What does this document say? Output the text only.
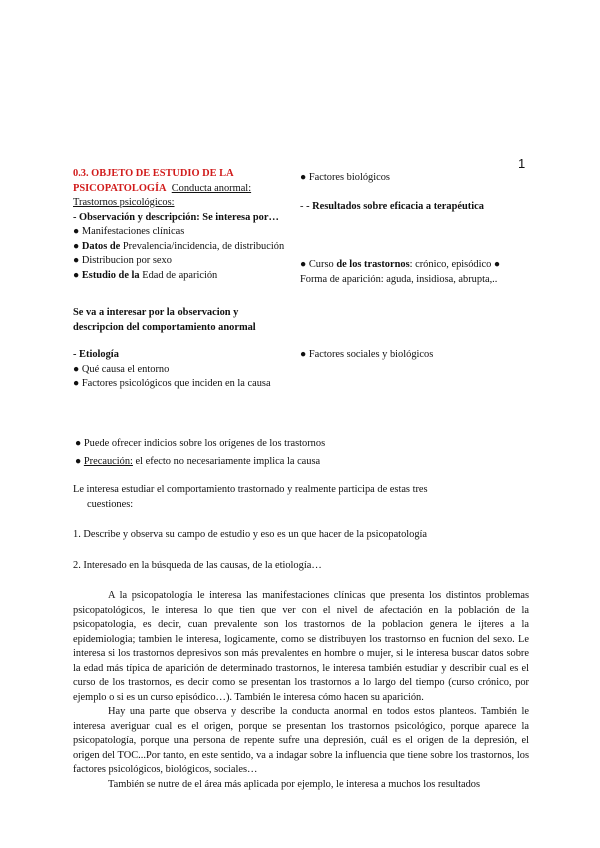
1
0.3. OBJETO DE ESTUDIO DE LA
PSICOPATOLOGÍA Conducta anormal:
Trastornos psicológicos:
- Observación y descripción: Se interesa por…
● Manifestaciones clínicas
● Datos de Prevalencia/incidencia, de distribución
● Distribucion por sexo
● Estudio de la Edad de aparición
Se va a interesar por la observacion y
descripcion del comportamiento anormal
- Etiología
● Qué causa el entorno
● Factores psicológicos que inciden en la causa
● Factores biológicos
- - Resultados sobre eficacia a terapéutica
● Curso de los trastornos: crónico, episódico ●
Forma de aparición: aguda, insidiosa, abrupta,..
● Factores sociales y biológicos
● Puede ofrecer indicios sobre los orígenes de los trastornos
● Precaución: el efecto no necesariamente implica la causa
Le interesa estudiar el comportamiento trastornado y realmente participa de estas tres
cuestiones:
1. Describe y observa su campo de estudio y eso es un que hacer de la psicopatología
2. Interesado en la búsqueda de las causas, de la etiología…

A la psicopatología le interesa las manifestaciones clínicas que presenta los distintos problemas psicopatológicos, le interesa lo que tien que ver con el nivel de afectación en la población de la psicopatologia, es decir, cuan prevalente son los trastornos de la poblacion genera le ijteres a la epidemiologia; tambien le interesa, logicamente, como se distribuyen los trastornso en fucnion del sexo. Le interesa si los trastornos depresivos son más prevalentes en hombre o mujer, si le interesa buscar datos sobre la edad más típica de aparición de determinado trastornos, le interesa también estudiar y describir cual es el curso de los trastornos, es decir como se presentan los trastornos a lo largo del tiempo (curso crónico, por ejemplo o si es un curso episódico…). También le interesa cómo hacen su aparición.

Hay una parte que observa y describe la conducta anormal en todos estos planteos. También le interesa averiguar cual es el origen, porque se presentan los trastornos psicológico, porque aparece la psicopatología, porque una persona de repente sufre una depresión, cuál es el origen de la depresión, el origen del TOC...Por tanto, en este sentido, va a indagar sobre la influencia que tiene sobre los trastornos, los factores psicológicos, biológicos, sociales…

También se nutre de el área más aplicada por ejemplo, le interesa a muchos los resultados
